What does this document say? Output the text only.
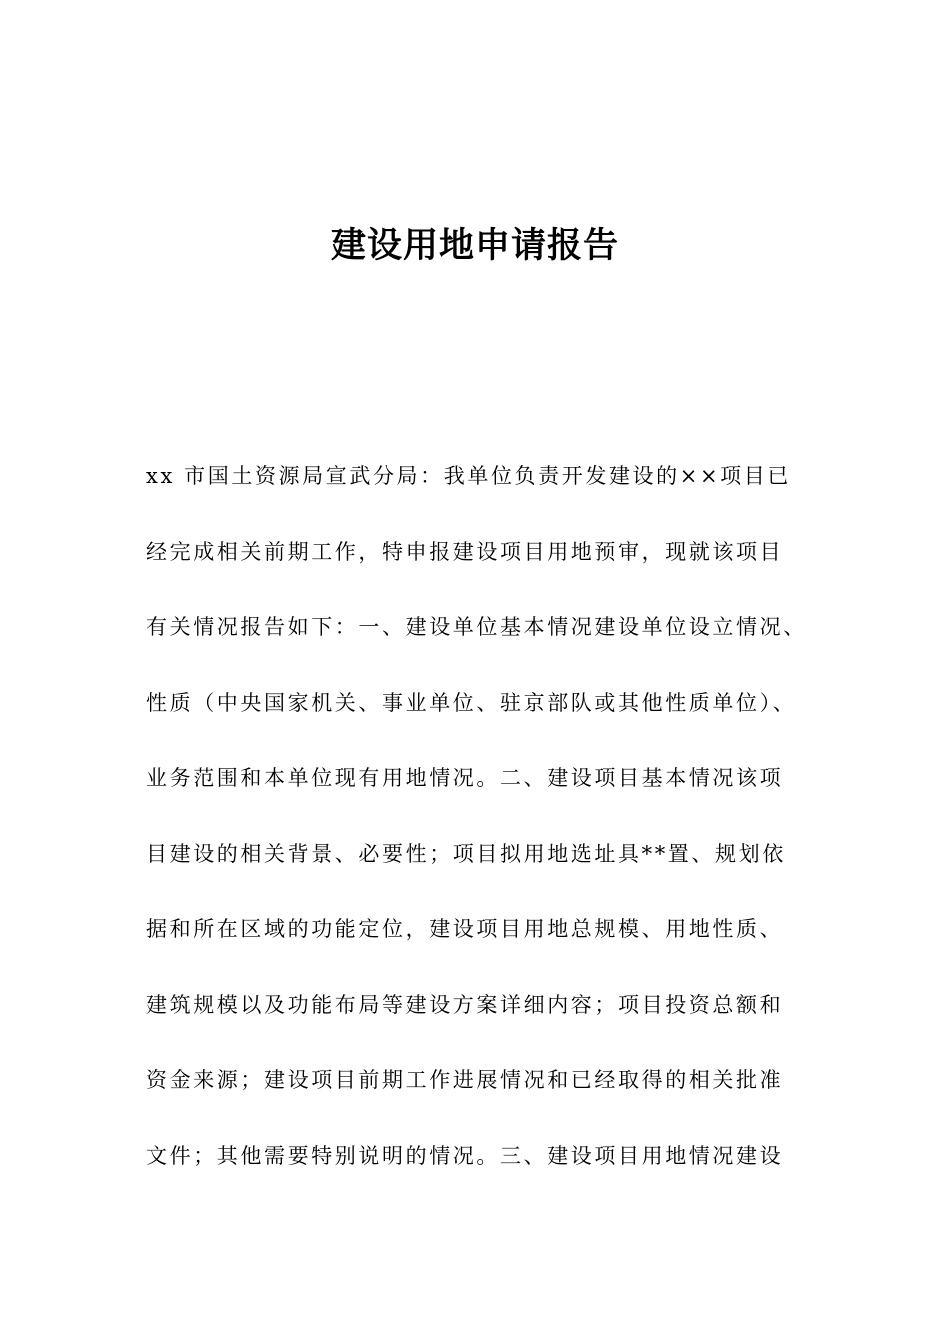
建设用地申请报告
xx 市国土资源局宣武分局：我单位负责开发建设的××项目已
经完成相关前期工作，特申报建设项目用地预审，现就该项目
有关情况报告如下：一、建设单位基本情况建设单位设立情况、
性质（中央国家机关、事业单位、驻京部队或其他性质单位）、
业务范围和本单位现有用地情况。二、建设项目基本情况该项
目建设的相关背景、必要性；项目拟用地选址具**置、规划依
据和所在区域的功能定位，建设项目用地总规模、用地性质、
建筑规模以及功能布局等建设方案详细内容；项目投资总额和
资金来源；建设项目前期工作进展情况和已经取得的相关批准
文件；其他需要特别说明的情况。三、建设项目用地情况建设
